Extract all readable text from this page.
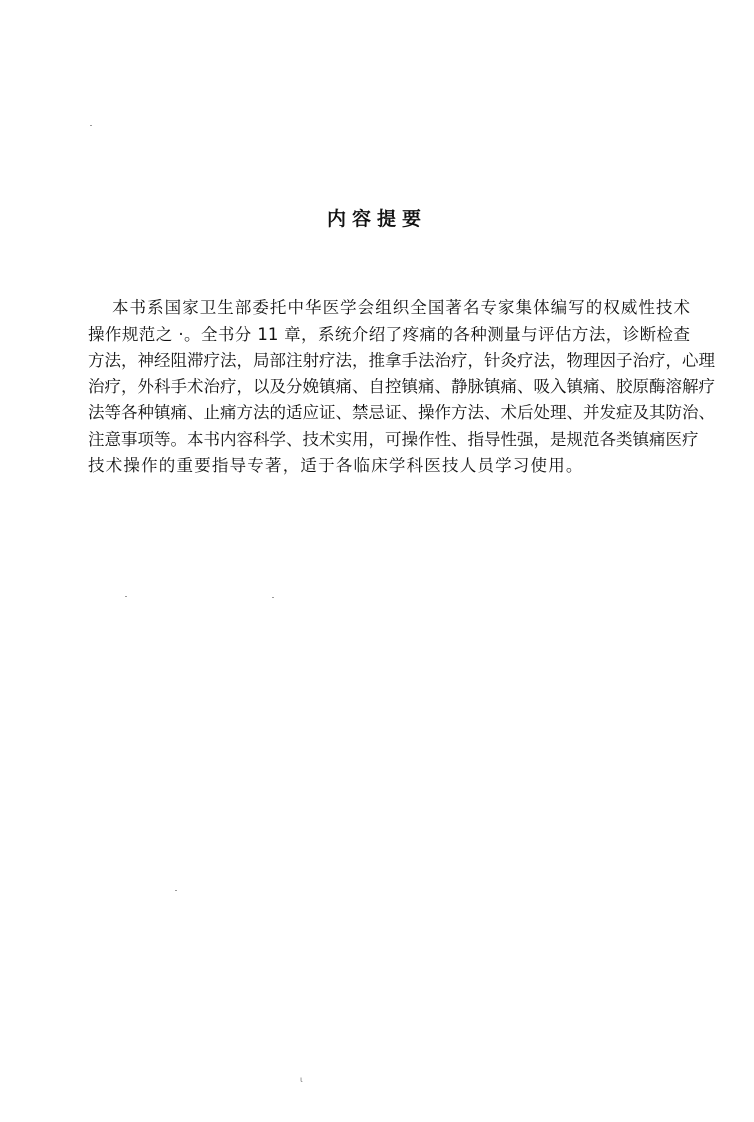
内容提要
本书系国家卫生部委托中华医学会组织全国著名专家集体编写的权威性技术
操作规范之 ·。全书分 11 章，系统介绍了疼痛的各种测量与评估方法，诊断检查
方法，神经阻滞疗法，局部注射疗法，推拿手法治疗，针灸疗法，物理因子治疗，心理
治疗，外科手术治疗，以及分娩镇痛、自控镇痛、静脉镇痛、吸入镇痛、胶原酶溶解疗
法等各种镇痛、止痛方法的适应证、禁忌证、操作方法、术后处理、并发症及其防治、
注意事项等。本书内容科学、技术实用，可操作性、指导性强，是规范各类镇痛医疗
技术操作的重要指导专著，适于各临床学科医技人员学习使用。
ι
